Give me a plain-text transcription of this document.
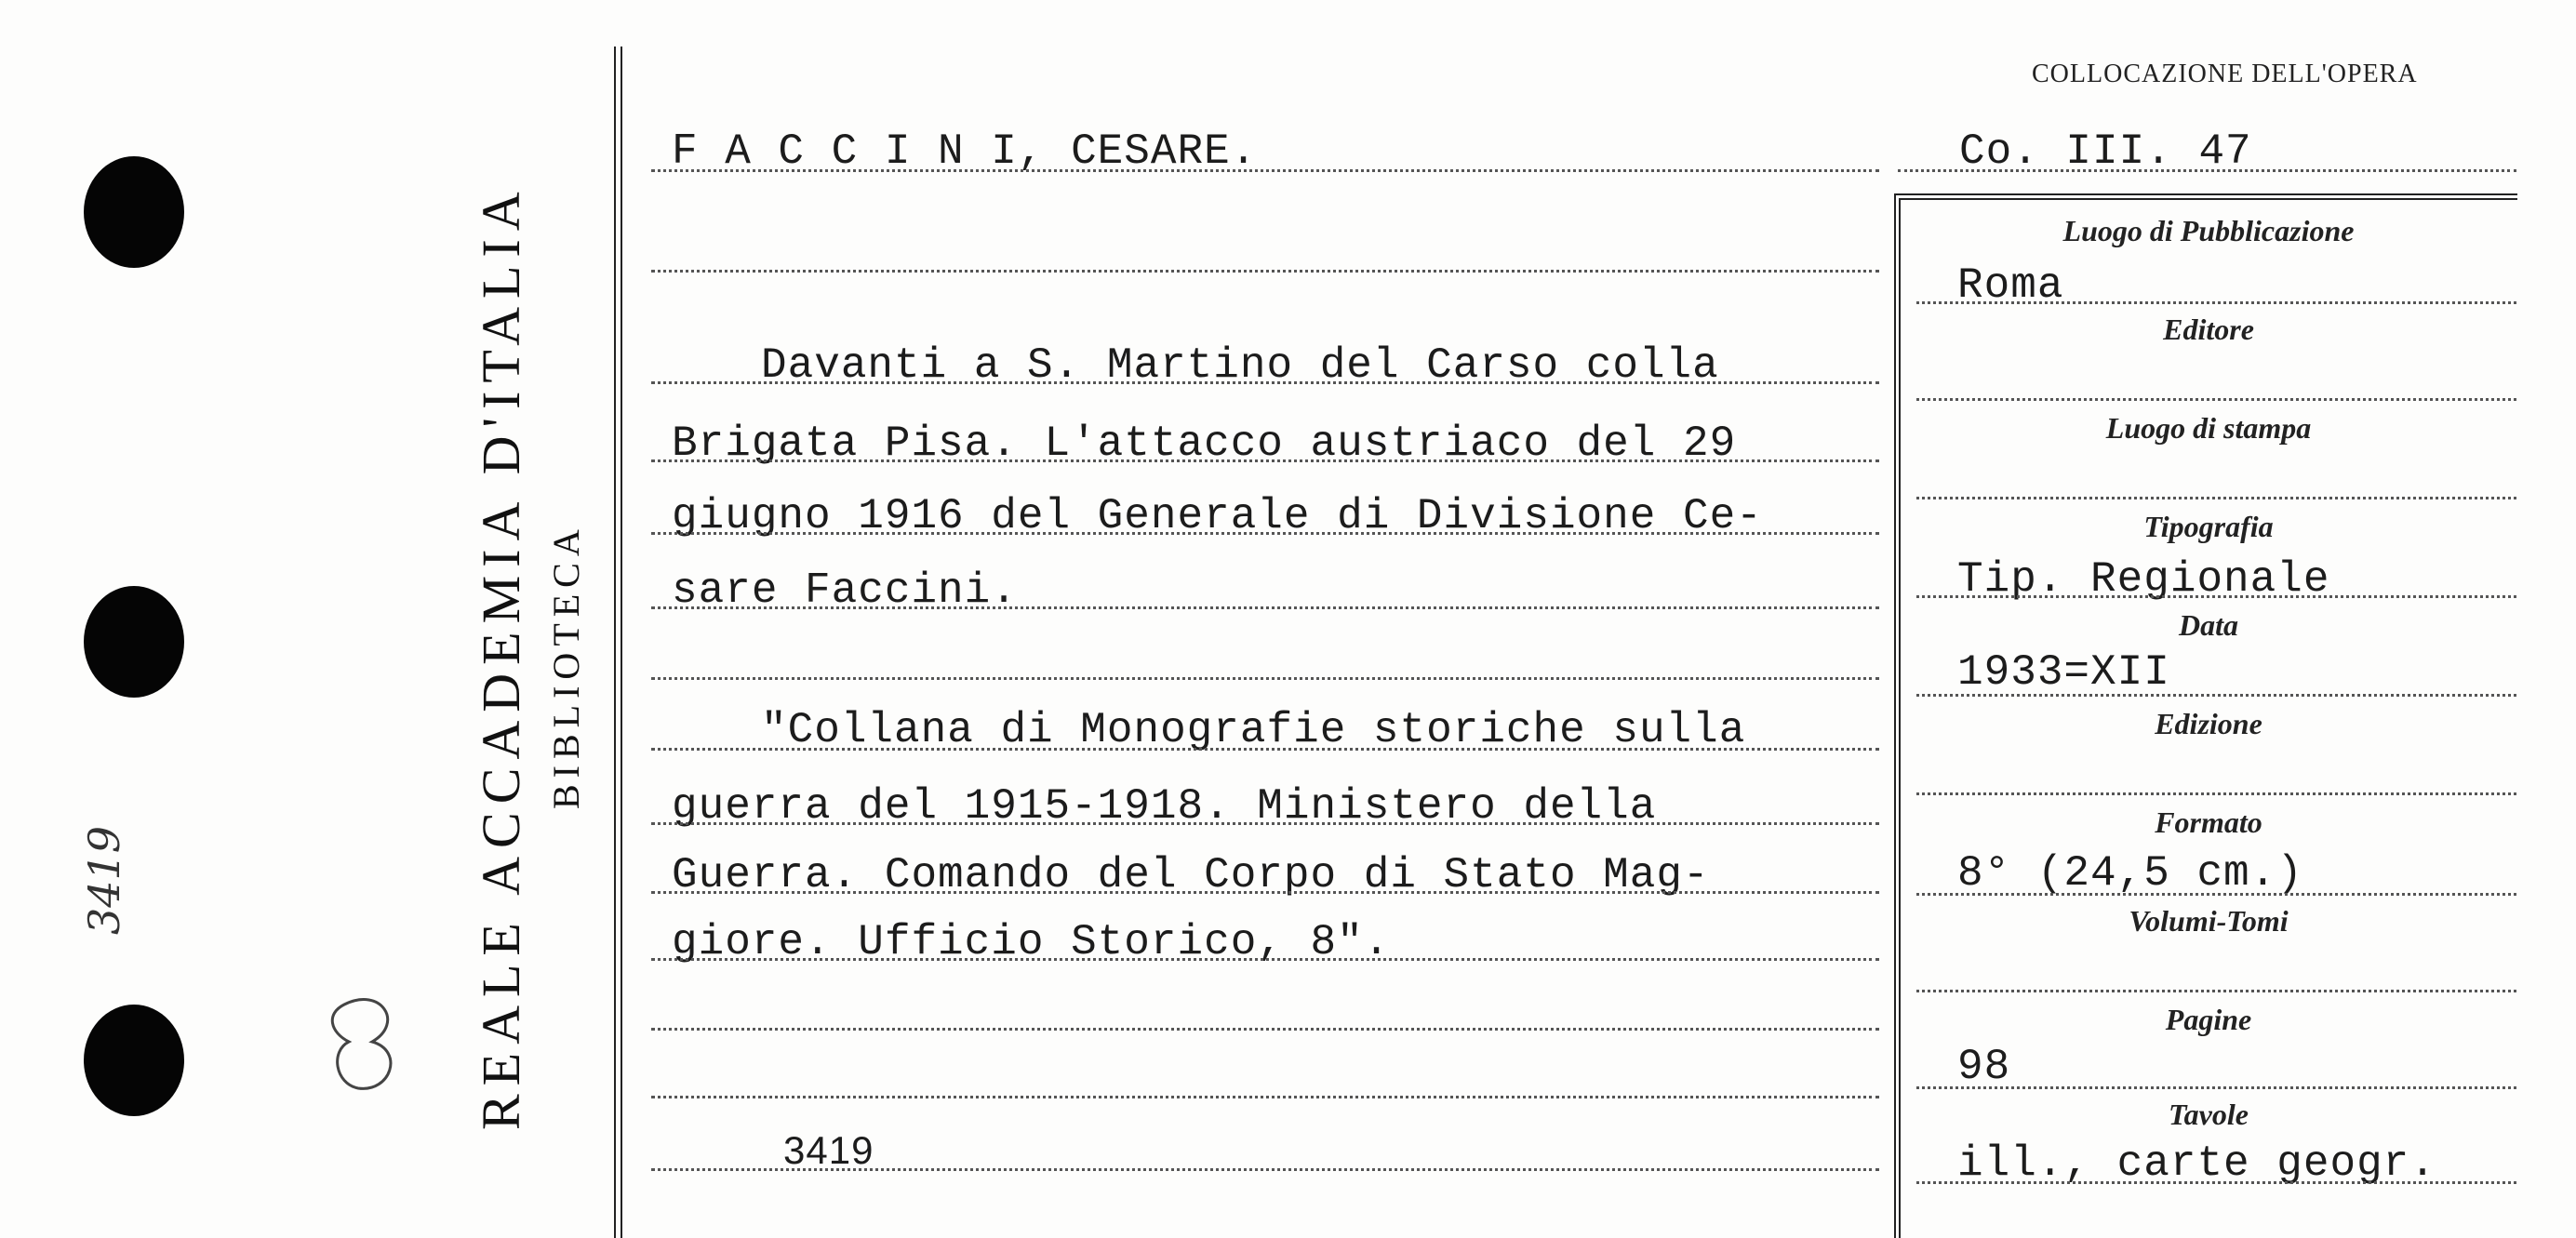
3419	REALE ACCADEMIA D'ITALIA BIBLIOTECA
COLLOCAZIONE DELL'OPERA
F A C C I N I, CESARE.	Co. III. 47
Davanti a S. Martino del Carso colla
Brigata Pisa. L'attacco austriaco del 29
giugno 1916 del Generale di Divisione Ce-
sare Faccini.
"Collana di Monografie storiche sulla
guerra del 1915-1918. Ministero della
Guerra. Comando del Corpo di Stato Mag-
giore. Ufficio Storico, 8".
3419
Luogo di Pubblicazione
Roma
Editore
Luogo di stampa
Tipografia
Tip. Regionale
Data
1933=XII
Edizione
Formato
8° (24,5 cm.)
Volumi-Tomi
Pagine
98
Tavole
ill., carte geogr.
